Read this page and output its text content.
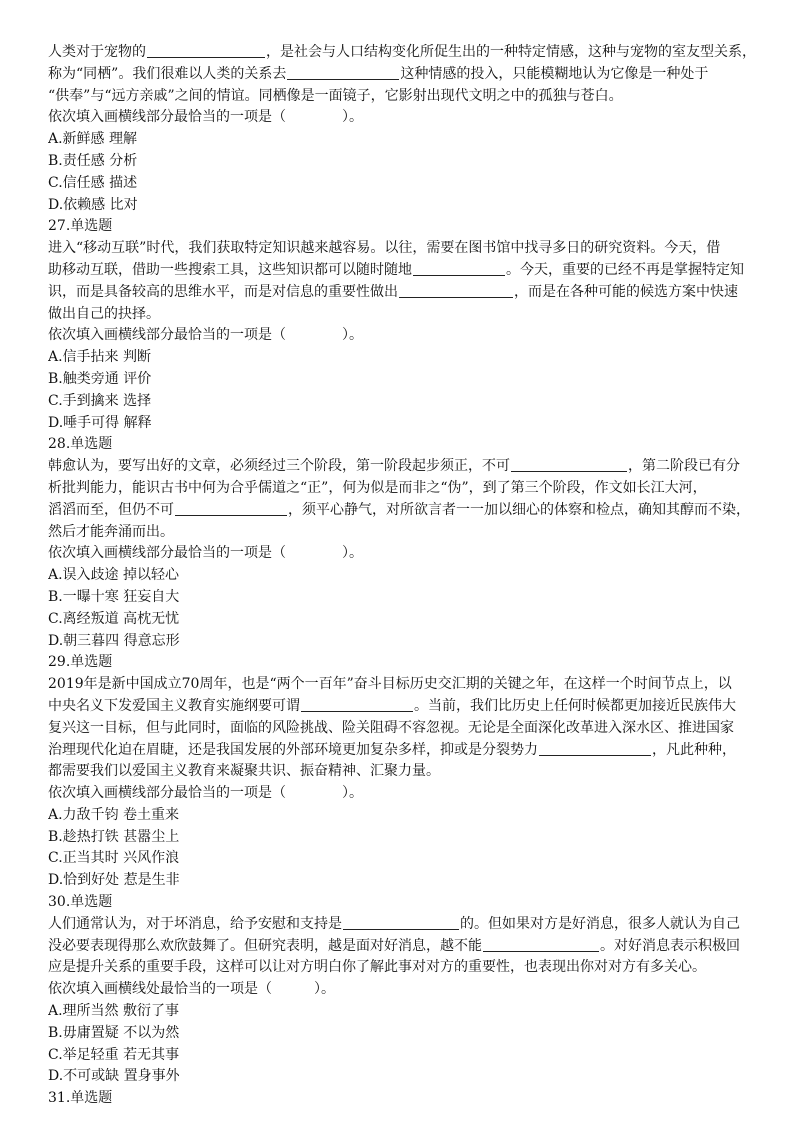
人类对于宠物的	，是社会与人口结构变化所促生出的一种特定情感，这种与宠物的室友型关系，
称为“同栖”。我们很难以人类的关系去	这种情感的投入，只能模糊地认为它像是一种处于
“供奉”与“远方亲戚”之间的情谊。同栖像是一面镜子，它影射出现代文明之中的孤独与苍白。
依次填入画横线部分最恰当的一项是（　　　　）。
A.新鲜感 理解
B.责任感 分析
C.信任感 描述
D.依赖感 比对
27.单选题
进入“移动互联”时代，我们获取特定知识越来越容易。以往，需要在图书馆中找寻多日的研究资料。今天，借
助移动互联，借助一些搜索工具，这些知识都可以随时随地	。今天，重要的已经不再是掌握特定知
识，而是具备较高的思维水平，而是对信息的重要性做出	，而是在各种可能的候选方案中快速
做出自己的抉择。
依次填入画横线部分最恰当的一项是（　　　　）。
A.信手拈来 判断
B.触类旁通 评价
C.手到擒来 选择
D.唾手可得 解释
28.单选题
韩愈认为，要写出好的文章，必须经过三个阶段，第一阶段起步须正，不可	，第二阶段已有分
析批判能力，能识古书中何为合乎儒道之“正”，何为似是而非之“伪”，到了第三个阶段，作文如长江大河，
滔滔而至，但仍不可	，须平心静气，对所欲言者一一加以细心的体察和检点，确知其醇而不染，
然后才能奔涌而出。
依次填入画横线部分最恰当的一项是（　　　　）。
A.误入歧途 掉以轻心
B.一曝十寒 狂妄自大
C.离经叛道 高枕无忧
D.朝三暮四 得意忘形
29.单选题
2019年是新中国成立70周年，也是“两个一百年”奋斗目标历史交汇期的关键之年，在这样一个时间节点上，以
中央名义下发爱国主义教育实施纲要可谓	。当前，我们比历史上任何时候都更加接近民族伟大
复兴这一目标，但与此同时，面临的风险挑战、险关阻碍不容忽视。无论是全面深化改革进入深水区、推进国家
治理现代化迫在眉睫，还是我国发展的外部环境更加复杂多样，抑或是分裂势力	，凡此种种，
都需要我们以爱国主义教育来凝聚共识、振奋精神、汇聚力量。
依次填入画横线部分最恰当的一项是（　　　　）。
A.力敌千钧 卷土重来
B.趁热打铁 甚嚣尘上
C.正当其时 兴风作浪
D.恰到好处 惹是生非
30.单选题
人们通常认为，对于坏消息，给予安慰和支持是	的。但如果对方是好消息，很多人就认为自己
没必要表现得那么欢欣鼓舞了。但研究表明，越是面对好消息，越不能	。对好消息表示积极回
应是提升关系的重要手段，这样可以让对方明白你了解此事对对方的重要性，也表现出你对对方有多关心。
依次填入画横线处最恰当的一项是（　　　）。
A.理所当然 敷衍了事
B.毋庸置疑 不以为然
C.举足轻重 若无其事
D.不可或缺 置身事外
31.单选题
